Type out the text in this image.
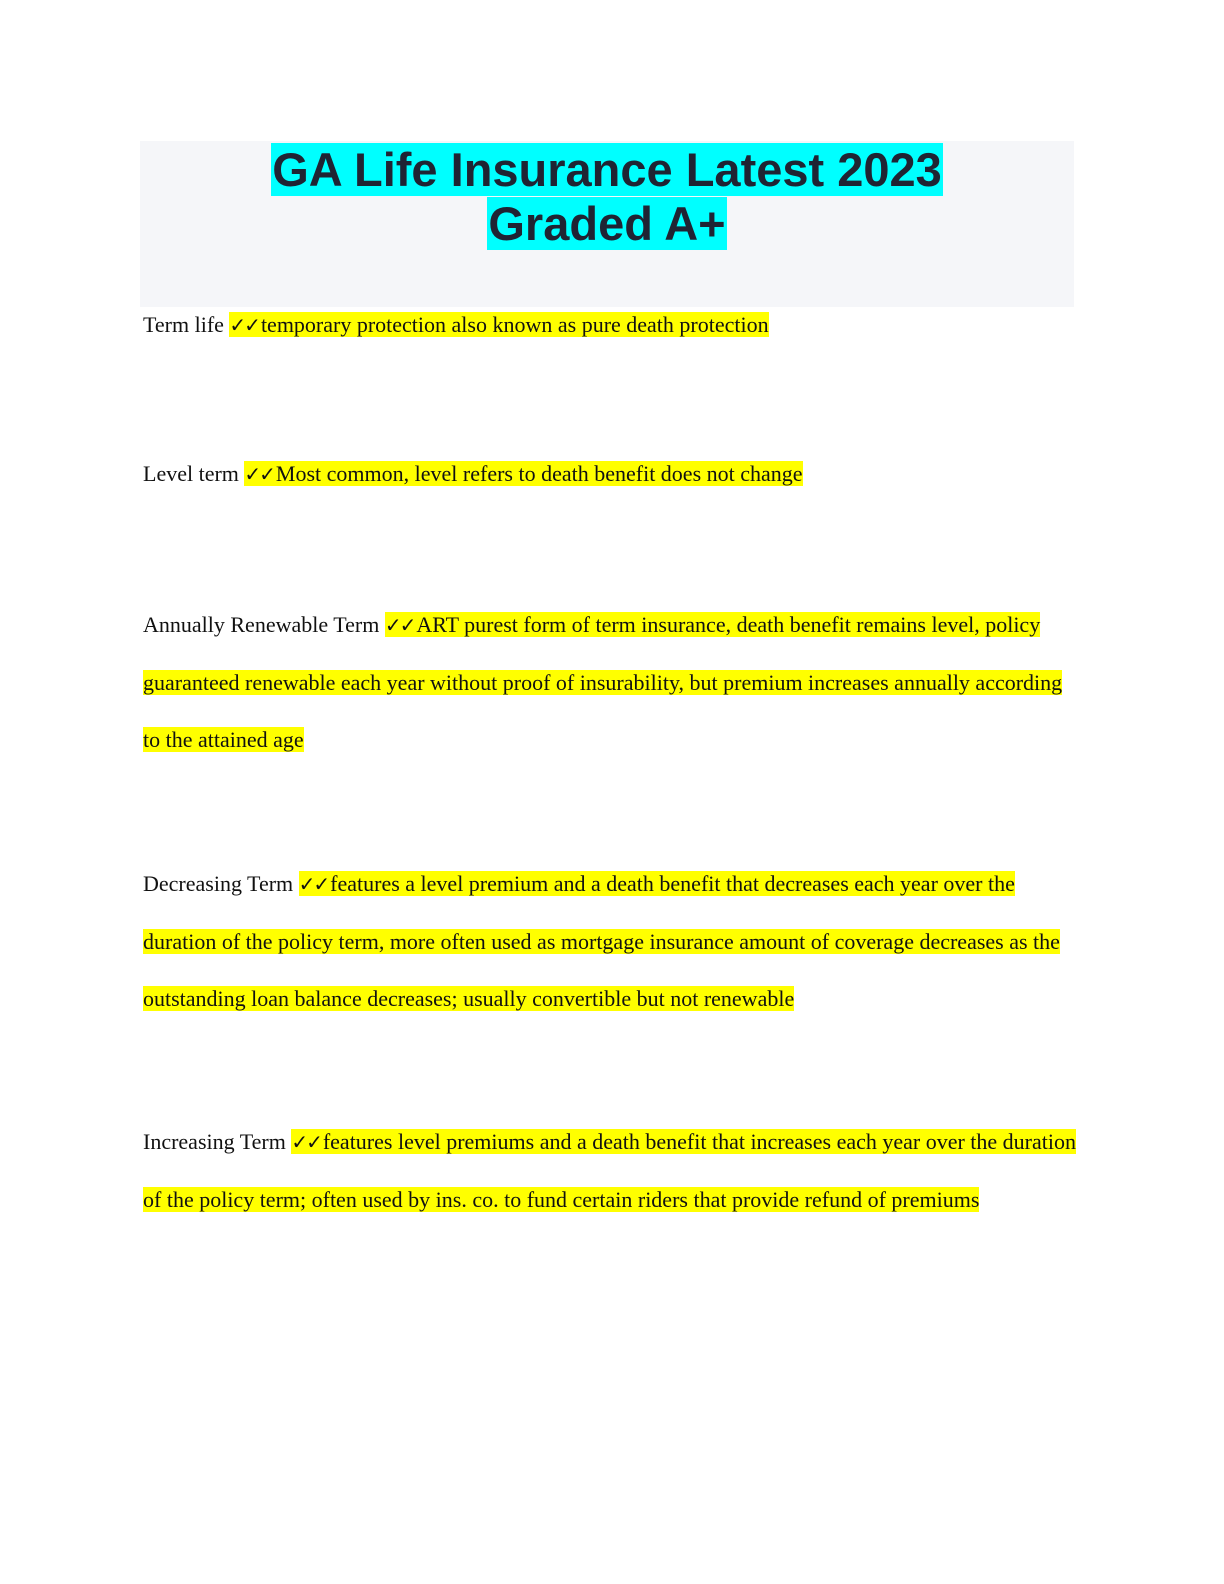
GA Life Insurance Latest 2023
Graded A+

Term life ✓✓temporary protection also known as pure death protection

Level term ✓✓Most common, level refers to death benefit does not change

Annually Renewable Term ✓✓ART purest form of term insurance, death benefit remains level, policy guaranteed renewable each year without proof of insurability, but premium increases annually according to the attained age

Decreasing Term ✓✓features a level premium and a death benefit that decreases each year over the duration of the policy term, more often used as mortgage insurance amount of coverage decreases as the outstanding loan balance decreases; usually convertible but not renewable

Increasing Term ✓✓features level premiums and a death benefit that increases each year over the duration of the policy term; often used by ins. co. to fund certain riders that provide refund of premiums
